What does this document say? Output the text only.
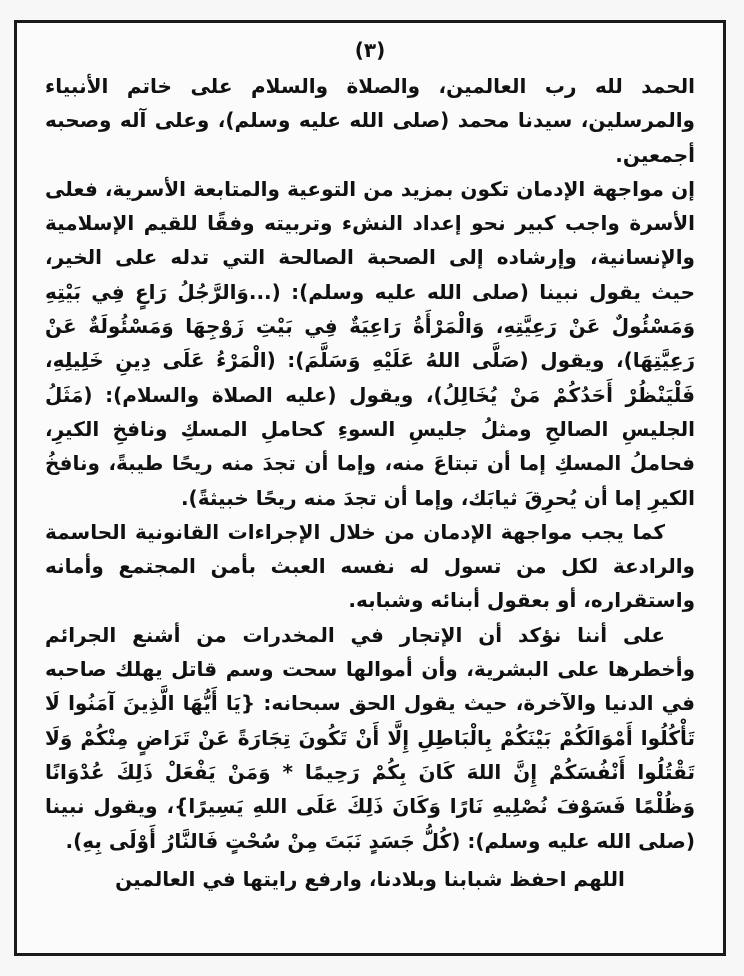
(٣)

الحمد لله رب العالمين، والصلاة والسلام على خاتم الأنبياء والمرسلين، سيدنا محمد (صلى الله عليه وسلم)، وعلى آله وصحبه أجمعين.

إن مواجهة الإدمان تكون بمزيد من التوعية والمتابعة الأسرية، فعلى الأسرة واجب كبير نحو إعداد النشء وتربيته وفقًا للقيم الإسلامية والإنسانية، وإرشاده إلى الصحبة الصالحة التي تدله على الخير، حيث يقول نبينا (صلى الله عليه وسلم): (...وَالرَّجُلُ رَاعٍ فِي بَيْتِهِ وَمَسْئُولٌ عَنْ رَعِيَّتِهِ، وَالْمَرْأَةُ رَاعِيَةٌ فِي بَيْتِ زَوْجِهَا وَمَسْئُولَةٌ عَنْ رَعِيَّتِهَا)، ويقول (صَلَّى اللهُ عَلَيْهِ وَسَلَّمَ): (الْمَرْءُ عَلَى دِينِ خَلِيلِهِ، فَلْيَنْظُرْ أَحَدُكُمْ مَنْ يُخَالِلُ)، ويقول (عليه الصلاة والسلام): (مَثَلُ الجليسِ الصالحِ ومثلُ جليسِ السوءِ كحاملِ المسكِ ونافخِ الكيرِ، فحاملُ المسكِ إما أن تبتاعَ منه، وإما أن تجدَ منه ريحًا طيبةً، ونافخُ الكيرِ إما أن يُحرِقَ ثيابَك، وإما أن تجدَ منه ريحًا خبيثةً).

كما يجب مواجهة الإدمان من خلال الإجراءات القانونية الحاسمة والرادعة لكل من تسول له نفسه العبث بأمن المجتمع وأمانه واستقراره، أو بعقول أبنائه وشبابه.

على أننا نؤكد أن الإتجار في المخدرات من أشنع الجرائم وأخطرها على البشرية، وأن أموالها سحت وسم قاتل يهلك صاحبه في الدنيا والآخرة، حيث يقول الحق سبحانه: {يَا أَيُّهَا الَّذِينَ آمَنُوا لَا تَأْكُلُوا أَمْوَالَكُمْ بَيْنَكُمْ بِالْبَاطِلِ إِلَّا أَنْ تَكُونَ تِجَارَةً عَنْ تَرَاضٍ مِنْكُمْ وَلَا تَقْتُلُوا أَنْفُسَكُمْ إِنَّ اللهَ كَانَ بِكُمْ رَحِيمًا * وَمَنْ يَفْعَلْ ذَلِكَ عُدْوَانًا وَظُلْمًا فَسَوْفَ نُصْلِيهِ نَارًا وَكَانَ ذَلِكَ عَلَى اللهِ يَسِيرًا}، ويقول نبينا (صلى الله عليه وسلم): (كُلُّ جَسَدٍ نَبَتَ مِنْ سُحْتٍ فَالنَّارُ أَوْلَى بِهِ).

اللهم احفظ شبابنا وبلادنا، وارفع رايتها في العالمين
